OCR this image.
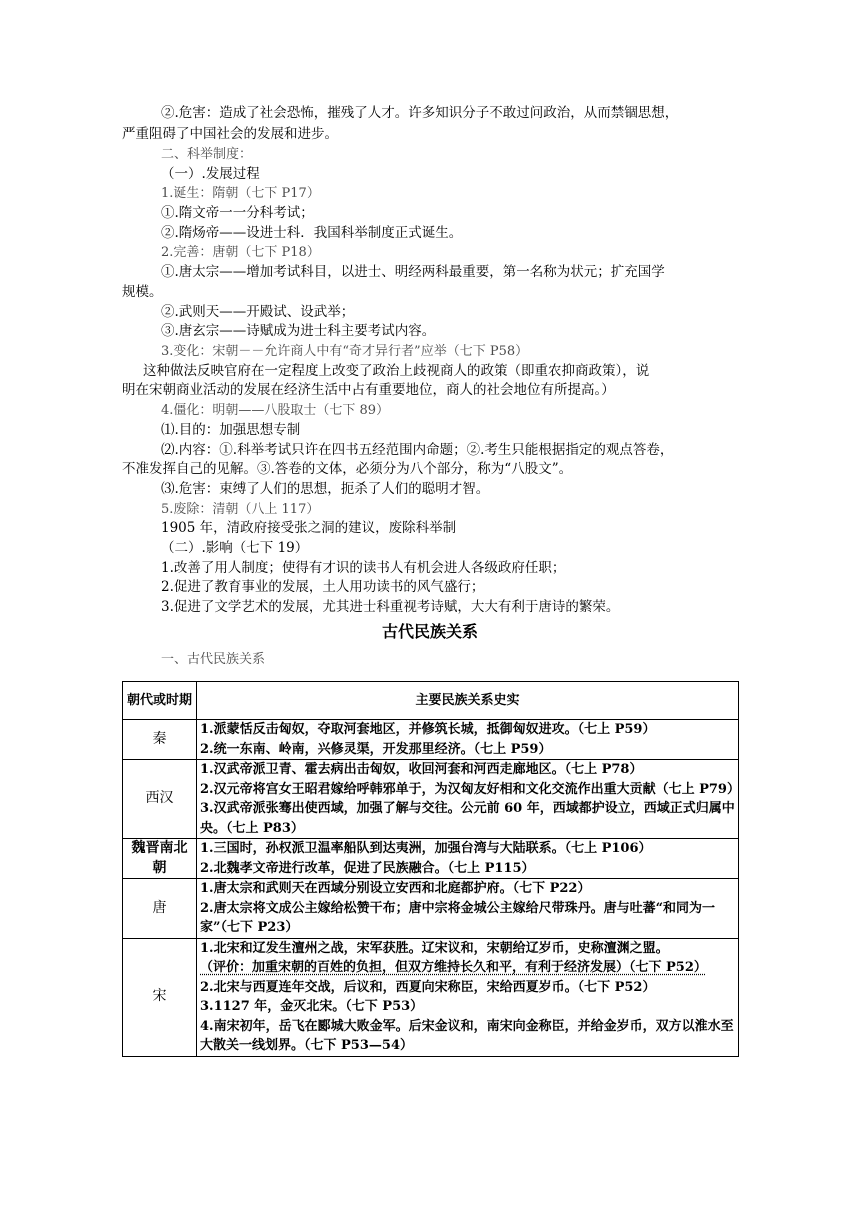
②.危害：造成了社会恐怖，摧残了人才。许多知识分子不敢过问政治，从而禁锢思想，
严重阻碍了中国社会的发展和进步。
二、科举制度：
（一）.发展过程
1.诞生：隋朝（七下 P17）
①.隋文帝一一分科考试；
②.隋炀帝——设进士科．我国科举制度正式诞生。
2.完善：唐朝（七下 P18）
①.唐太宗——增加考试科目，以进士、明经两科最重要，第一名称为状元；扩充国学
规模。
②.武则天——开殿试、设武举；
③.唐玄宗——诗赋成为进士科主要考试内容。
3.变化：宋朝－－允许商人中有“奇才异行者”应举（七下 P58）
这种做法反映官府在一定程度上改变了政治上歧视商人的政策（即重农抑商政策），说
明在宋朝商业活动的发展在经济生活中占有重要地位，商人的社会地位有所提高。）
4.僵化：明朝——八股取士（七下 89）
⑴.目的：加强思想专制
⑵.内容：①.科举考试只许在四书五经范围内命题；②.考生只能根据指定的观点答卷，
不准发挥自己的见解。③.答卷的文体，必须分为八个部分，称为“八股文”。
⑶.危害：束缚了人们的思想，扼杀了人们的聪明才智。
5.废除：清朝（八上 117）
1905 年，清政府接受张之洞的建议，废除科举制
（二）.影响（七下 19）
1.改善了用人制度；使得有才识的读书人有机会进人各级政府任职；
2.促进了教育事业的发展，土人用功读书的风气盛行；
3.促进了文学艺术的发展，尤其进士科重视考诗赋，大大有利于唐诗的繁荣。
古代民族关系
一、古代民族关系
朝代或时期	主要民族关系史实
秦	1.派蒙恬反击匈奴，夺取河套地区，并修筑长城，抵御匈奴进攻。（七上 P59）
2.统一东南、岭南，兴修灵渠，开发那里经济。（七上 P59）

西汉	1.汉武帝派卫青、霍去病出击匈奴，收回河套和河西走廊地区。（七上 P78）
2.汉元帝将宫女王昭君嫁给呼韩邪单于，为汉匈友好相和文化交流作出重大贡献（七上 P79）
3.汉武帝派张骞出使西域，加强了解与交往。公元前 60 年，西域都护设立，西域正式归属中央。（七上 P83）

魏晋南北朝	1.三国时，孙权派卫温率船队到达夷洲，加强台湾与大陆联系。（七上 P106）
2.北魏孝文帝进行改革，促进了民族融合。（七上 P115）

唐	1.唐太宗和武则天在西域分别设立安西和北庭都护府。（七下 P22）
2.唐太宗将文成公主嫁给松赞干布；唐中宗将金城公主嫁给尺带珠丹。唐与吐蕃“和同为一家”（七下 P23）

宋	1.北宋和辽发生澶州之战，宋军获胜。辽宋议和，宋朝给辽岁币，史称澶渊之盟。
（评价：加重宋朝的百姓的负担，但双方维持长久和平，有利于经济发展）（七下 P52）
2.北宋与西夏连年交战，后议和，西夏向宋称臣，宋给西夏岁币。（七下 P52）
3.1127 年，金灭北宋。（七下 P53）
4.南宋初年，岳飞在郾城大败金军。后宋金议和，南宋向金称臣，并给金岁币，双方以淮水至大散关一线划界。（七下 P53—54）
